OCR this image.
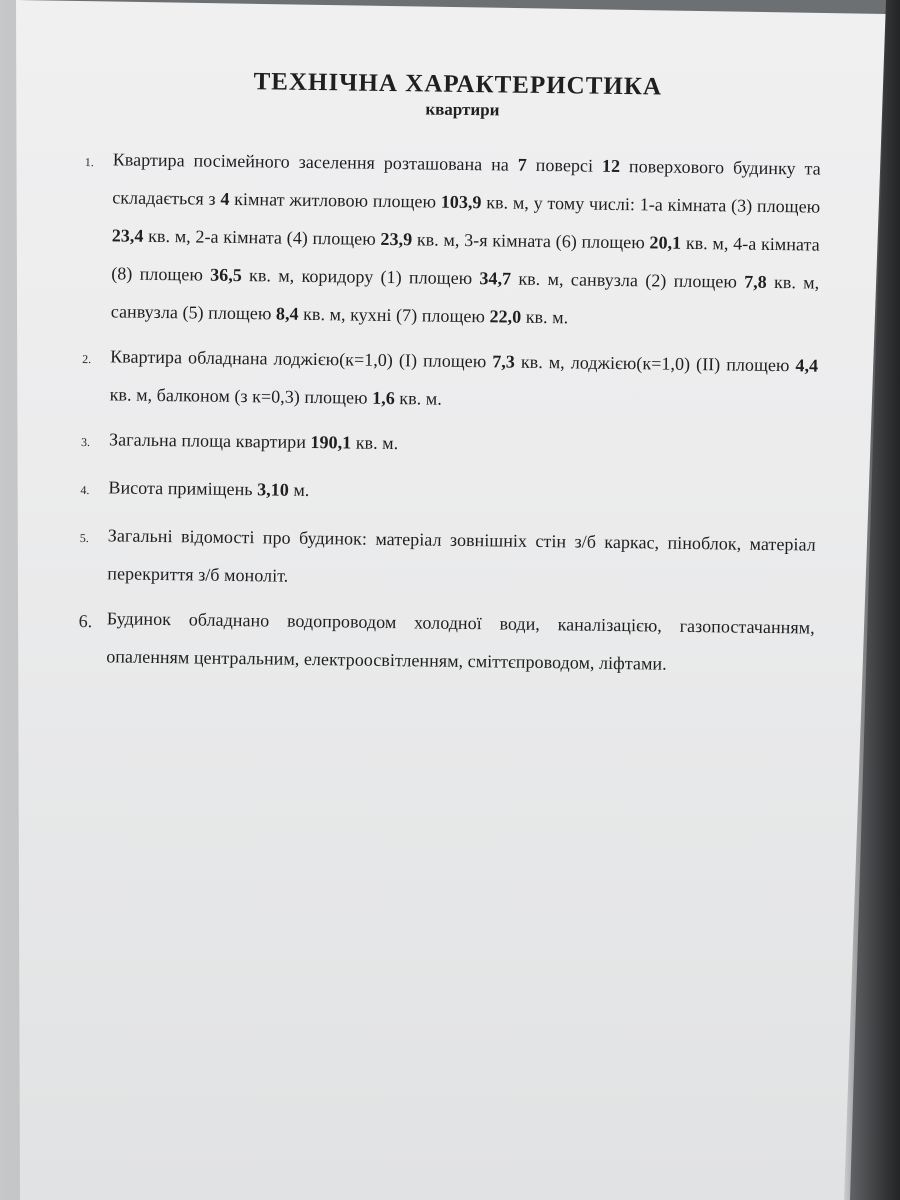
ТЕХНІЧНА ХАРАКТЕРИСТИКА
квартири
1.	Квартира посімейного заселення розташована на 7 поверсі 12 поверхового будинку та складається з 4 кімнат житловою площею 103,9 кв. м, у тому числі: 1-а кімната (3) площею 23,4 кв. м, 2-а кімната (4) площею 23,9 кв. м, 3-я кімната (6) площею 20,1 кв. м, 4-а кімната (8) площею 36,5 кв. м, коридору (1) площею 34,7 кв. м, санвузла (2) площею 7,8 кв. м, санвузла (5) площею 8,4 кв. м, кухні (7) площею 22,0 кв. м.
2.	Квартира обладнана лоджією(к=1,0) (I) площею 7,3 кв. м, лоджією(к=1,0) (II) площею 4,4 кв. м, балконом (з к=0,3) площею 1,6 кв. м.
3.	Загальна площа квартири 190,1 кв. м.
4.	Висота приміщень 3,10 м.
5.	Загальні відомості про будинок: матеріал зовнішніх стін з/б каркас, піноблок, матеріал перекриття з/б моноліт.
6. Будинок обладнано водопроводом холодної води, каналізацією, газопостачанням, опаленням центральним, електроосвітленням, сміттєпроводом, ліфтами.
